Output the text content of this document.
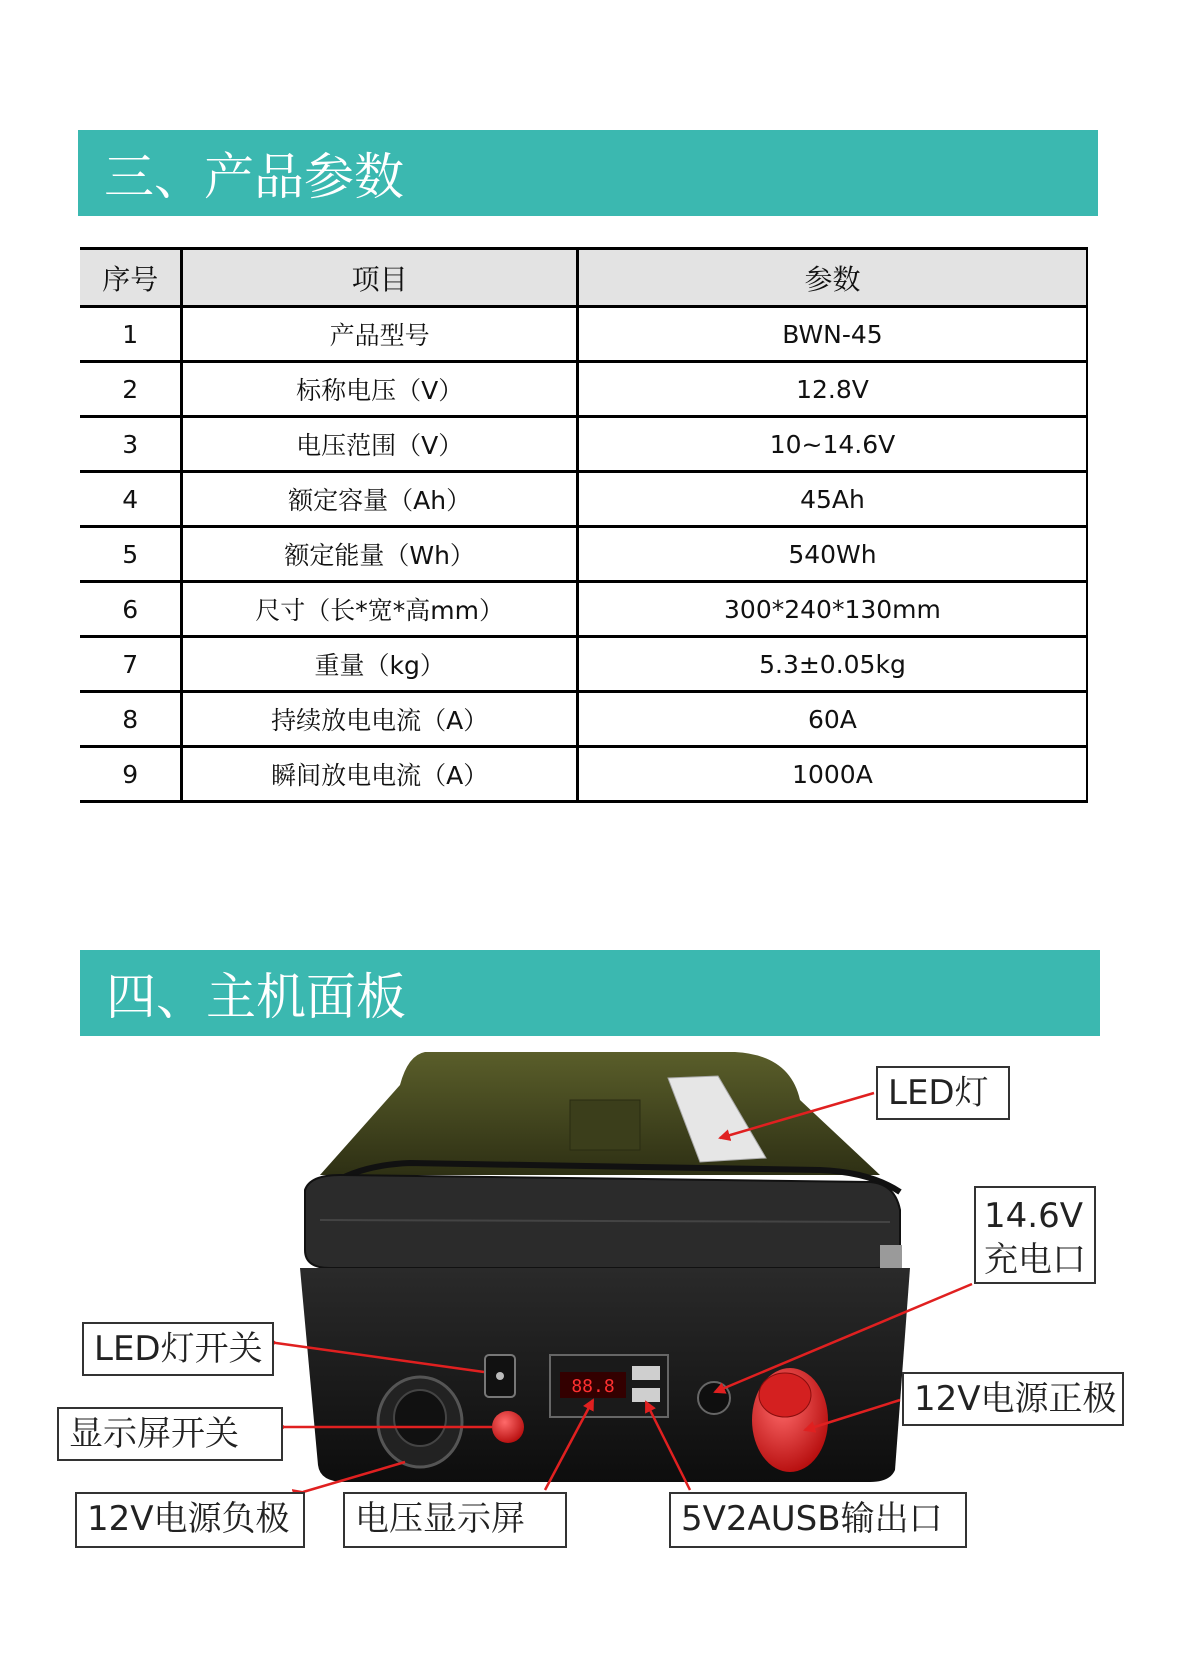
三、产品参数
序号	项目	参数
1	产品型号	BWN-45
2	标称电压（V）	12.8V
3	电压范围（V）	10~14.6V
4	额定容量（Ah）	45Ah
5	额定能量（Wh）	540Wh
6	尺寸（长*宽*高mm）	300*240*130mm
7	重量（kg）	5.3±0.05kg
8	持续放电电流（A）	60A
9	瞬间放电电流（A）	1000A
四、主机面板
88.8
LED灯
14.6V充电口
LED灯开关
显示屏开关
12V电源正极
12V电源负极	电压显示屏	5V2AUSB输出口
